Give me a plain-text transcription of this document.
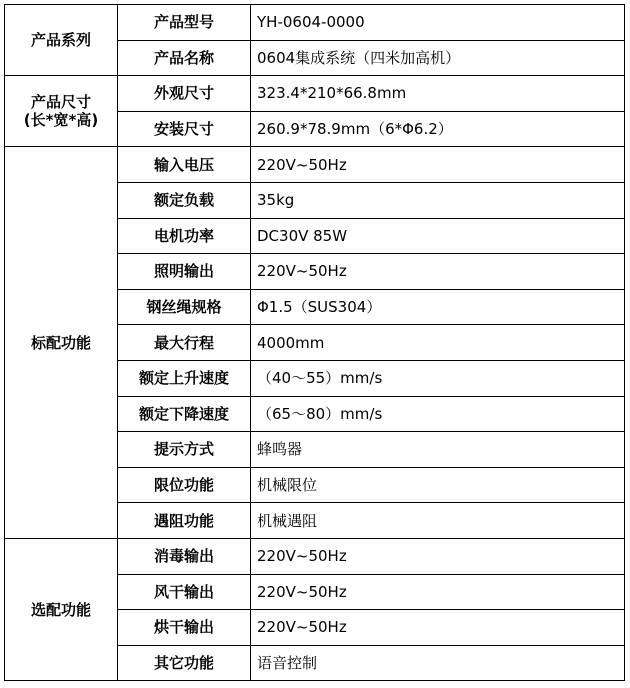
产品系列	产品型号	YH-0604-0000
	产品名称	0604集成系统（四米加高机）

产品尺寸
(长*宽*高)	外观尺寸	323.4*210*66.8mm
	安装尺寸	260.9*78.9mm（6*Φ6.2）
标配功能	输入电压	220V~50Hz
	额定负载	35kg
	电机功率	DC30V 85W
	照明输出	220V~50Hz
	钢丝绳规格	Φ1.5（SUS304）
	最大行程	4000mm
	额定上升速度	（40～55）mm/s
	额定下降速度	（65～80）mm/s
	提示方式	蜂鸣器
	限位功能	机械限位
	遇阻功能	机械遇阻
选配功能	消毒输出	220V~50Hz
	风干输出	220V~50Hz
	烘干输出	220V~50Hz
	其它功能	语音控制
